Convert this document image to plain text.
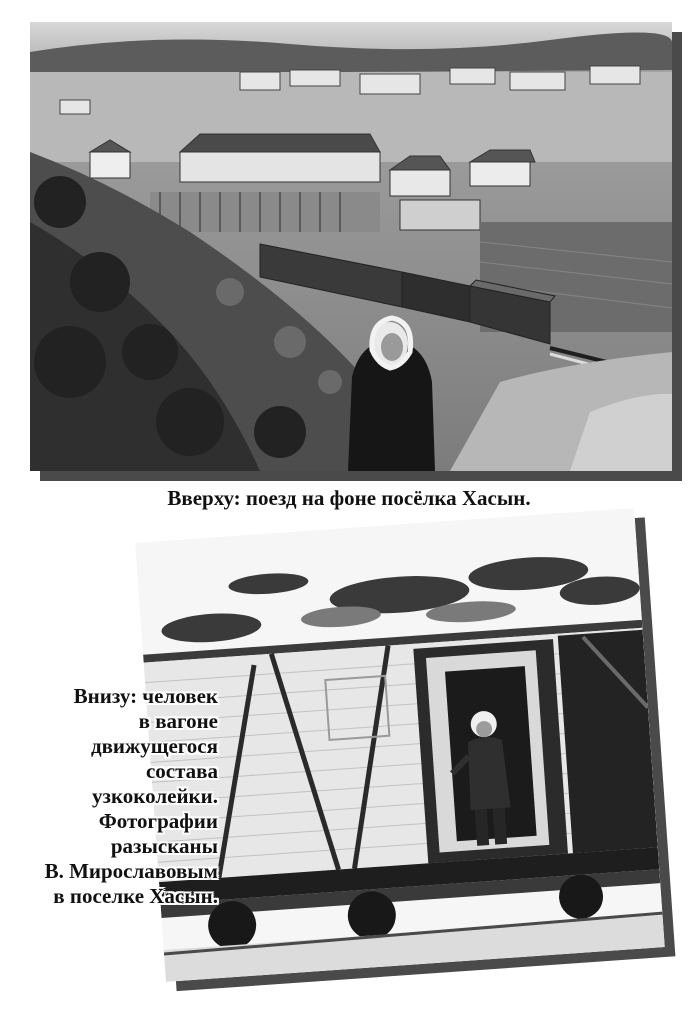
Вверху: поезд на фоне посёлка Хасын.
Внизу: человек
в вагоне
движущегося
состава
узкоколейки.
Фотографии
разысканы
В. Мирославовым
в поселке Хасын.
